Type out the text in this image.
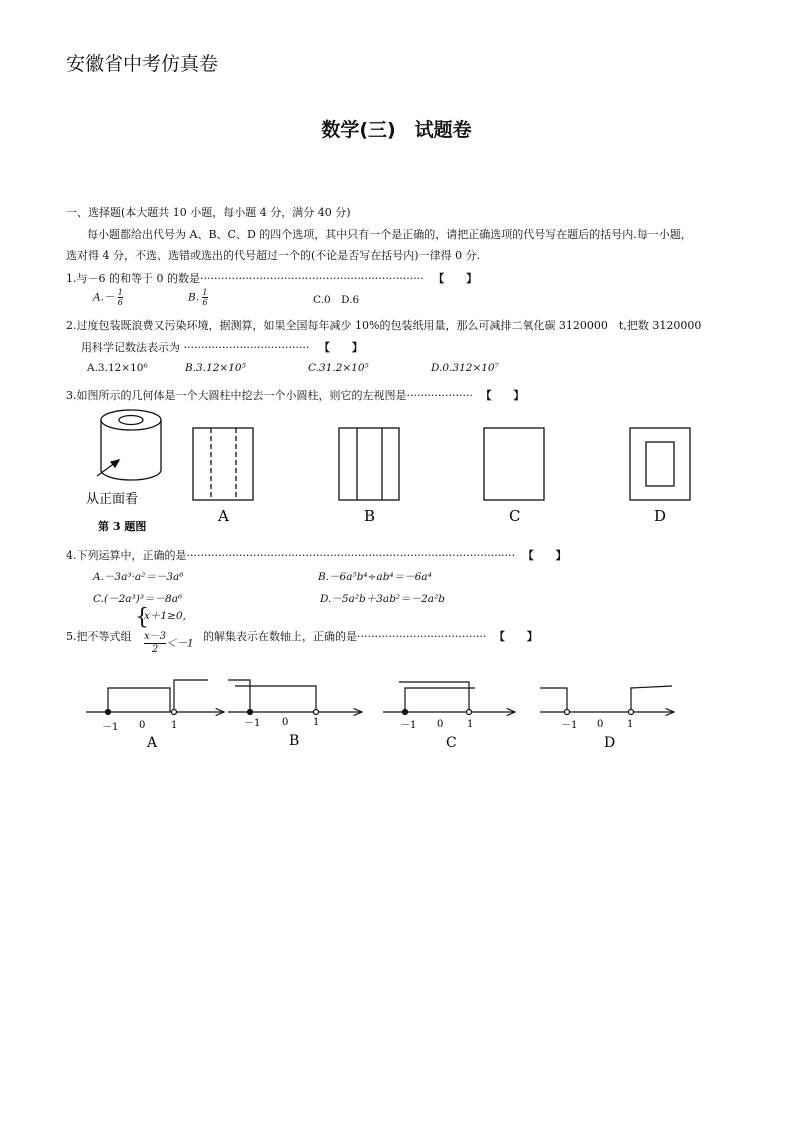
安徽省中考仿真卷
数学(三)　试题卷
一、选择题(本大题共 10 小题，每小题 4 分，满分 40 分)
每小题都给出代号为 A、B、C、D 的四个选项，其中只有一个是正确的，请把正确选项的代号写在题后的括号内.每一小题，
选对得 4 分，不选、选错或选出的代号超过一个的(不论是否写在括号内)一律得 0 分.
1.与－6 的和等于 0 的数是································································ 【　　】
$A.- \frac{1}{6}$	B. $\frac{1}{6}$	C.0　D.6
2.过度包装既浪费又污染环境，据测算，如果全国每年减少 10%的包装纸用量，那么可减排二氧化碳 3120000　t,把数 3120000
用科学记数法表示为 ···································· 【　　】
A.3.12×10⁶	B.3.12×10⁵	C.31.2×10⁵	D.0.312×10⁷
3.如图所示的几何体是一个大圆柱中挖去一个小圆柱，则它的左视图是··················· 【　　】
从正面看
第 3 题图
A	B	C	D
4.下列运算中，正确的是······························································································ 【　　】
A.－3a³·a²＝－3a⁶	B.－6a⁵b⁴÷ab⁴＝－6a⁴
C.(－2a³)³＝－8a⁶	D.－5a²b＋3ab²＝－2a²b
5.把不等式组
{
x＋1≥0,
$\frac{x-3}{2} <-1$
的解集表示在数轴上，正确的是····································· 【　　】
－1 0	1
A
－1 0 1
B
－1 0 1
C
－1 0 1
D
